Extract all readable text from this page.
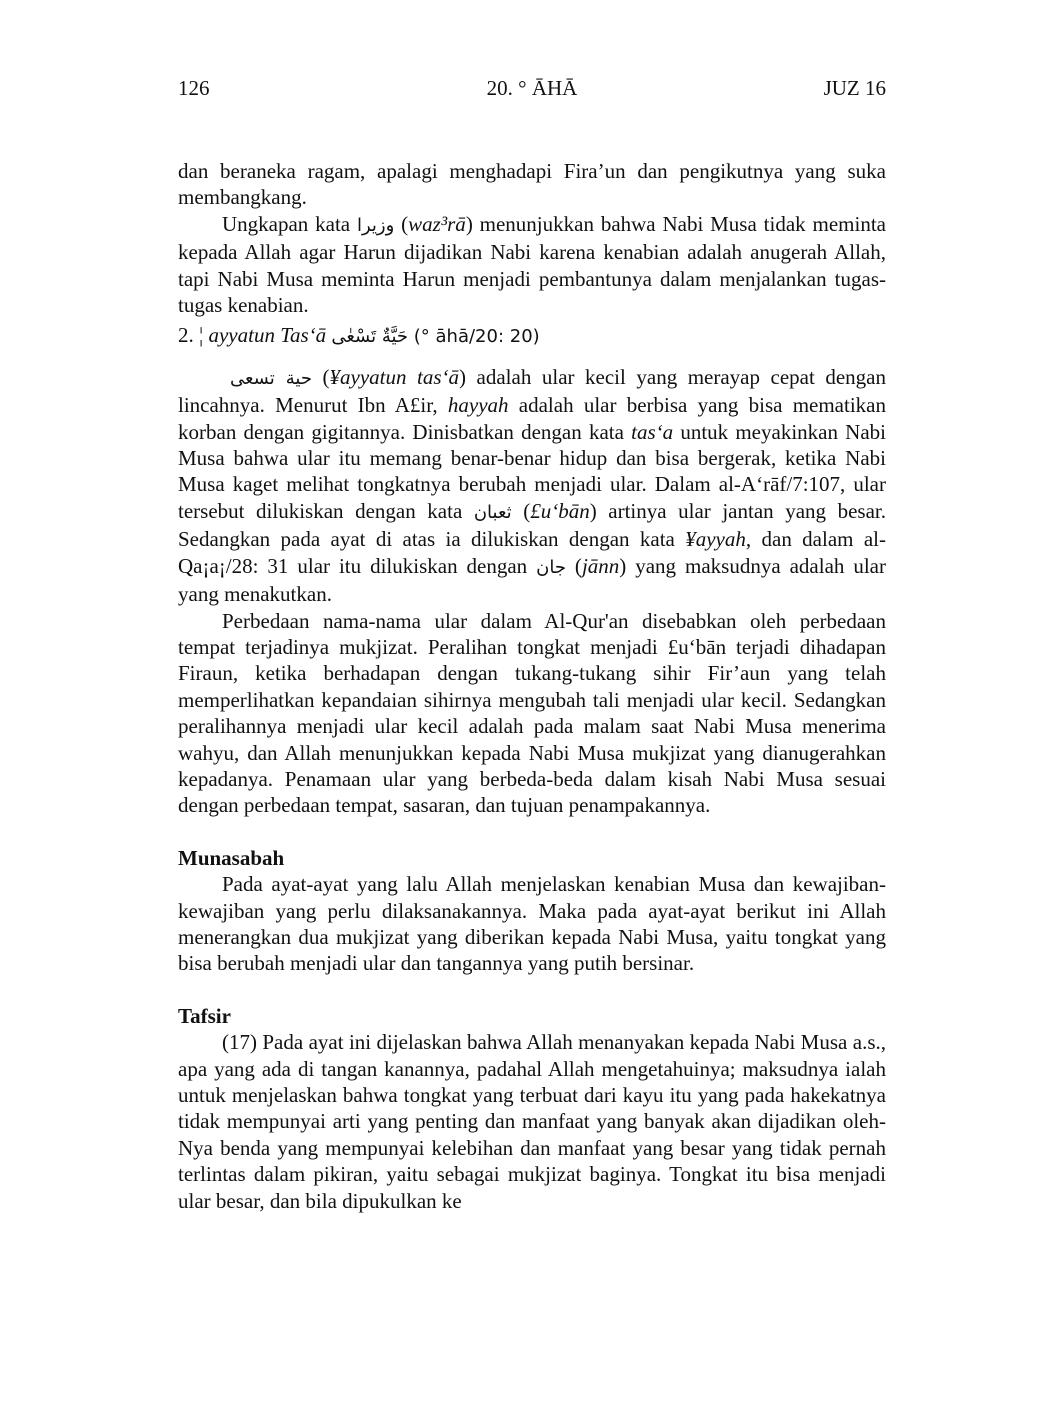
126	20. ° ĀHĀ	JUZ 16

dan beraneka ragam, apalagi menghadapi Fira’un dan pengikutnya yang suka membangkang.

Ungkapan kata وزيرا (waz³rā) menunjukkan bahwa Nabi Musa tidak meminta kepada Allah agar Harun dijadikan Nabi karena kenabian adalah anugerah Allah, tapi Nabi Musa meminta Harun menjadi pembantunya dalam menjalankan tugas-tugas kenabian.

2. ¦ ayyatun Tas‘ā حَيَّةٌ تَسْعٰى (° āhā/20: 20)

حية تسعى (¥ayyatun tas‘ā) adalah ular kecil yang merayap cepat dengan lincahnya. Menurut Ibn A£ir, hayyah adalah ular berbisa yang bisa mematikan korban dengan gigitannya. Dinisbatkan dengan kata tas‘a untuk meyakinkan Nabi Musa bahwa ular itu memang benar-benar hidup dan bisa bergerak, ketika Nabi Musa kaget melihat tongkatnya berubah menjadi ular. Dalam al-A‘rāf/7:107, ular tersebut dilukiskan dengan kata ثعبان (£u‘bān) artinya ular jantan yang besar. Sedangkan pada ayat di atas ia dilukiskan dengan kata ¥ayyah, dan dalam al-Qa¡a¡/28: 31 ular itu dilukiskan dengan جان (jānn) yang maksudnya adalah ular yang menakutkan.

Perbedaan nama-nama ular dalam Al-Qur'an disebabkan oleh perbedaan tempat terjadinya mukjizat. Peralihan tongkat menjadi £u‘bān terjadi dihadapan Firaun, ketika berhadapan dengan tukang-tukang sihir Fir’aun yang telah memperlihatkan kepandaian sihirnya mengubah tali menjadi ular kecil. Sedangkan peralihannya menjadi ular kecil adalah pada malam saat Nabi Musa menerima wahyu, dan Allah menunjukkan kepada Nabi Musa mukjizat yang dianugerahkan kepadanya. Penamaan ular yang berbeda-beda dalam kisah Nabi Musa sesuai dengan perbedaan tempat, sasaran, dan tujuan penampakannya.

Munasabah

Pada ayat-ayat yang lalu Allah menjelaskan kenabian Musa dan kewajiban-kewajiban yang perlu dilaksanakannya. Maka pada ayat-ayat berikut ini Allah menerangkan dua mukjizat yang diberikan kepada Nabi Musa, yaitu tongkat yang bisa berubah menjadi ular dan tangannya yang putih bersinar.

Tafsir

(17) Pada ayat ini dijelaskan bahwa Allah menanyakan kepada Nabi Musa a.s., apa yang ada di tangan kanannya, padahal Allah mengetahuinya; maksudnya ialah untuk menjelaskan bahwa tongkat yang terbuat dari kayu itu yang pada hakekatnya tidak mempunyai arti yang penting dan manfaat yang banyak akan dijadikan oleh-Nya benda yang mempunyai kelebihan dan manfaat yang besar yang tidak pernah terlintas dalam pikiran, yaitu sebagai mukjizat baginya. Tongkat itu bisa menjadi ular besar, dan bila dipukulkan ke
